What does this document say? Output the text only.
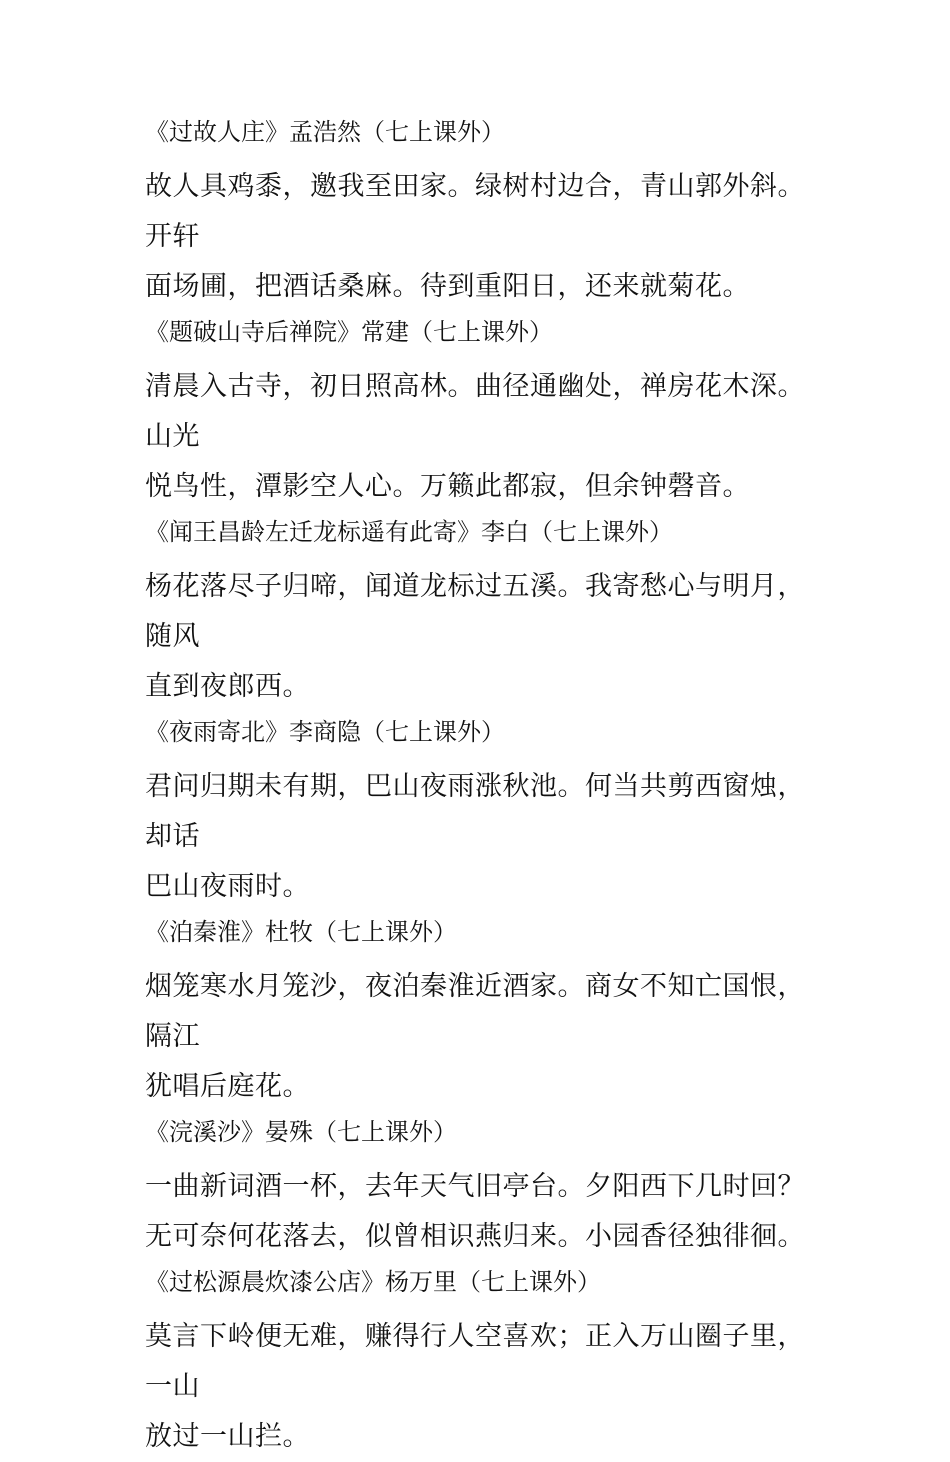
《过故人庄》孟浩然（七上课外）
故人具鸡黍，邀我至田家。绿树村边合，青山郭外斜。开轩
面场圃，把酒话桑麻。待到重阳日，还来就菊花。
《题破山寺后禅院》常建（七上课外）
清晨入古寺，初日照高林。曲径通幽处，禅房花木深。山光
悦鸟性，潭影空人心。万籁此都寂，但余钟磬音。
《闻王昌龄左迁龙标遥有此寄》李白（七上课外）
杨花落尽子归啼，闻道龙标过五溪。我寄愁心与明月，随风
直到夜郎西。
《夜雨寄北》李商隐（七上课外）
君问归期未有期，巴山夜雨涨秋池。何当共剪西窗烛，却话
巴山夜雨时。
《泊秦淮》杜牧（七上课外）
烟笼寒水月笼沙，夜泊秦淮近酒家。商女不知亡国恨，隔江
犹唱后庭花。
《浣溪沙》晏殊（七上课外）
一曲新词酒一杯，去年天气旧亭台。夕阳西下几时回？
无可奈何花落去，似曾相识燕归来。小园香径独徘徊。
《过松源晨炊漆公店》杨万里（七上课外）
莫言下岭便无难，赚得行人空喜欢；正入万山圈子里，一山
放过一山拦。
